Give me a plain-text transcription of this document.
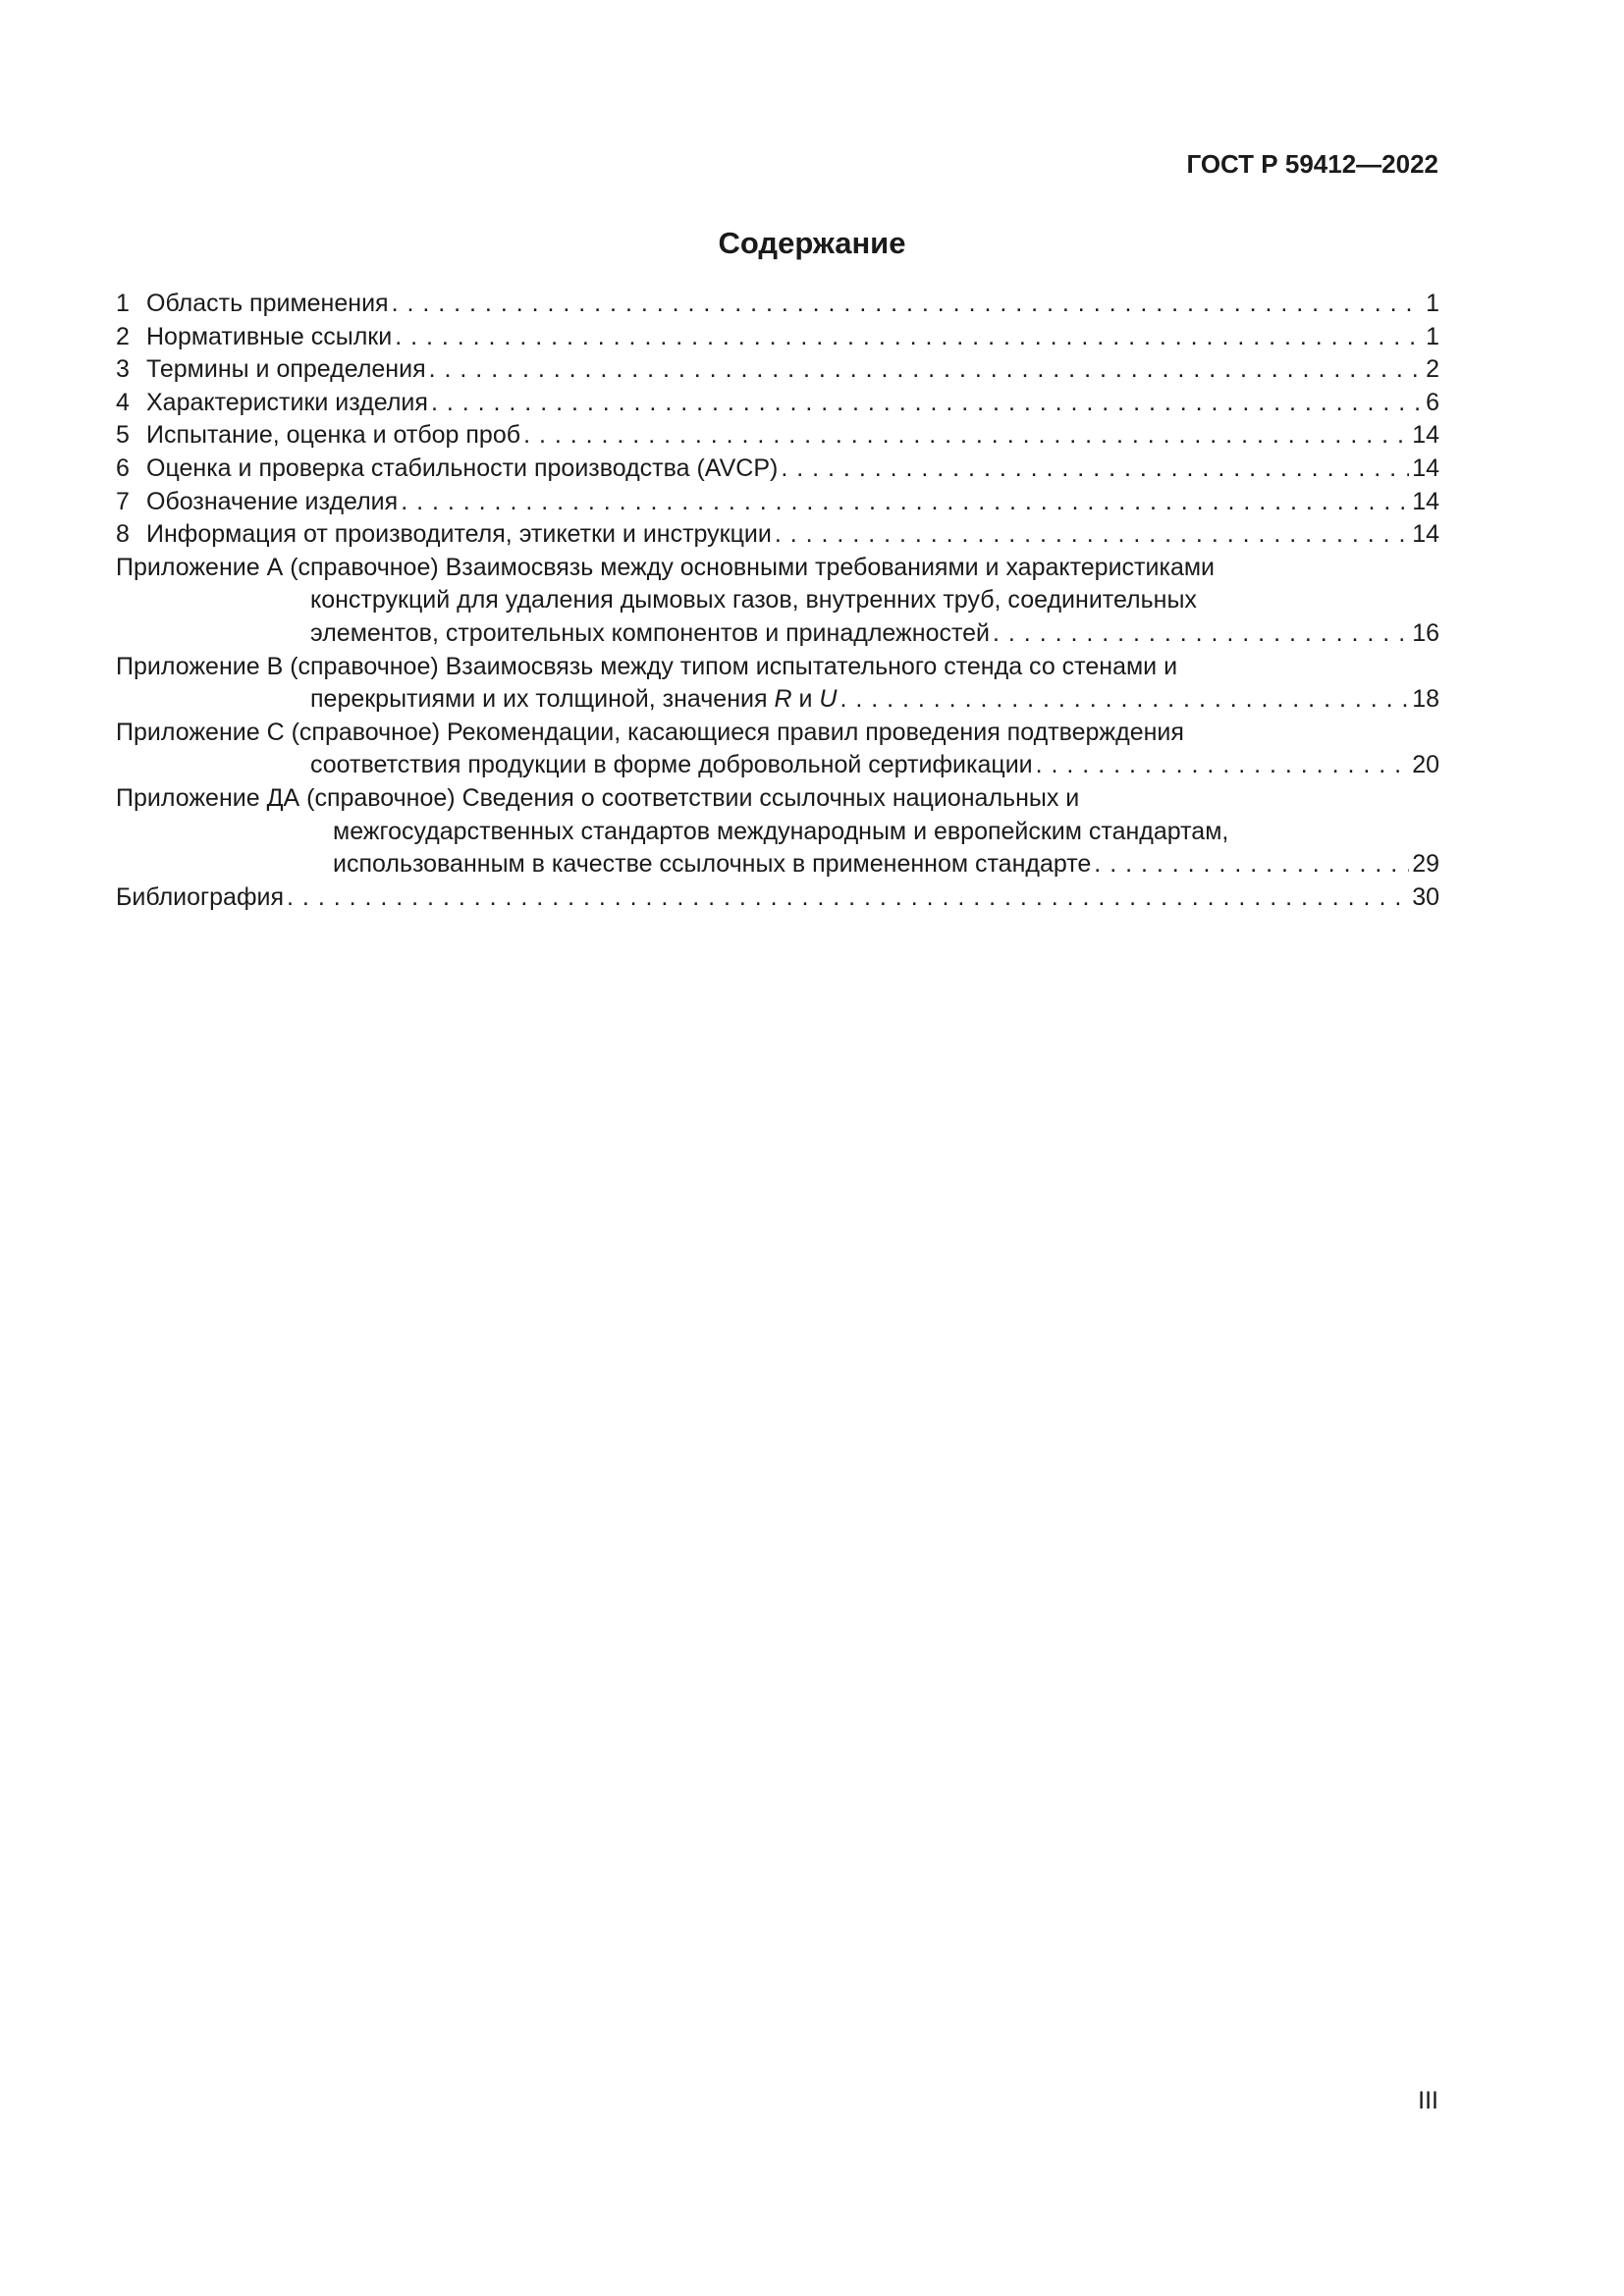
ГОСТ Р 59412—2022
Содержание
1 Область применения . . .	1
2 Нормативные ссылки . . .	1
3 Термины и определения . . .	2
4 Характеристики изделия . . .	6
5 Испытание, оценка и отбор проб . . .	14
6 Оценка и проверка стабильности производства (AVCP) . . .	14
7 Обозначение изделия . . .	14
8 Информация от производителя, этикетки и инструкции . . .	14
Приложение А (справочное) Взаимосвязь между основными требованиями и характеристиками
конструкций для удаления дымовых газов, внутренних труб, соединительных
элементов, строительных компонентов и принадлежностей . . .	16
Приложение В (справочное) Взаимосвязь между типом испытательного стенда со стенами и
перекрытиями и их толщиной, значения R и U . . .	18
Приложение С (справочное) Рекомендации, касающиеся правил проведения подтверждения
соответствия продукции в форме добровольной сертификации . . .	20
Приложение ДА (справочное) Сведения о соответствии ссылочных национальных и
межгосударственных стандартов международным и европейским стандартам,
использованным в качестве ссылочных в примененном стандарте . . .	29
Библиография . . .	30
III
